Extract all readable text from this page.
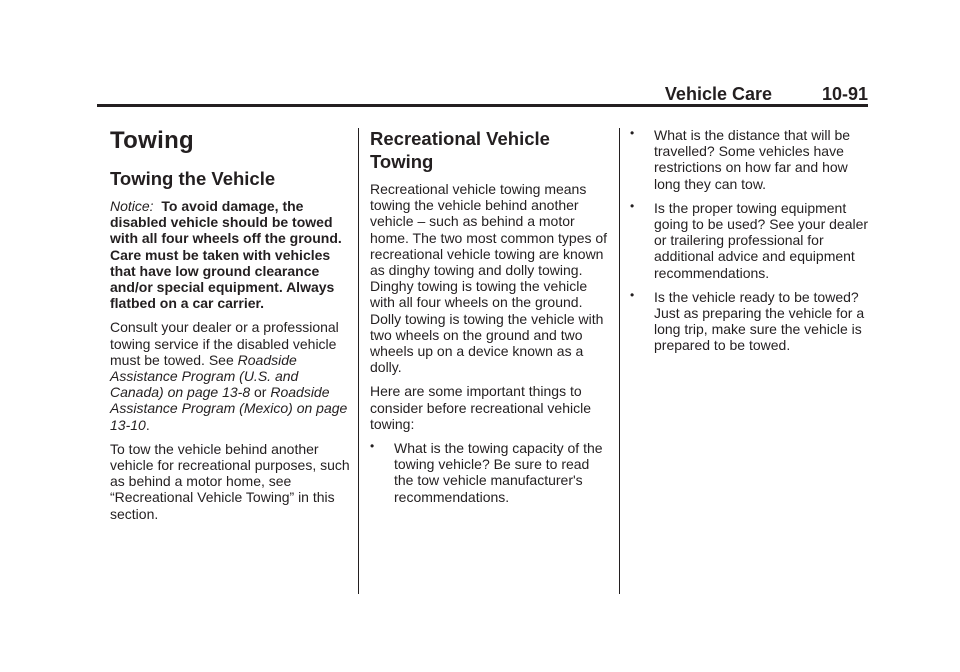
Vehicle Care	10-91
Towing
Towing the Vehicle

Notice: To avoid damage, the disabled vehicle should be towed with all four wheels off the ground. Care must be taken with vehicles that have low ground clearance and/or special equipment. Always flatbed on a car carrier.

Consult your dealer or a professional towing service if the disabled vehicle must be towed. See Roadside Assistance Program (U.S. and Canada) on page 13-8 or Roadside Assistance Program (Mexico) on page 13-10.

To tow the vehicle behind another vehicle for recreational purposes, such as behind a motor home, see “Recreational Vehicle Towing” in this section.

Recreational Vehicle Towing

Recreational vehicle towing means towing the vehicle behind another vehicle – such as behind a motor home. The two most common types of recreational vehicle towing are known as dinghy towing and dolly towing. Dinghy towing is towing the vehicle with all four wheels on the ground. Dolly towing is towing the vehicle with two wheels on the ground and two wheels up on a device known as a dolly.

Here are some important things to consider before recreational vehicle towing:

• What is the towing capacity of the towing vehicle? Be sure to read the tow vehicle manufacturer's recommendations.
• What is the distance that will be travelled? Some vehicles have restrictions on how far and how long they can tow.
• Is the proper towing equipment going to be used? See your dealer or trailering professional for additional advice and equipment recommendations.
• Is the vehicle ready to be towed? Just as preparing the vehicle for a long trip, make sure the vehicle is prepared to be towed.
